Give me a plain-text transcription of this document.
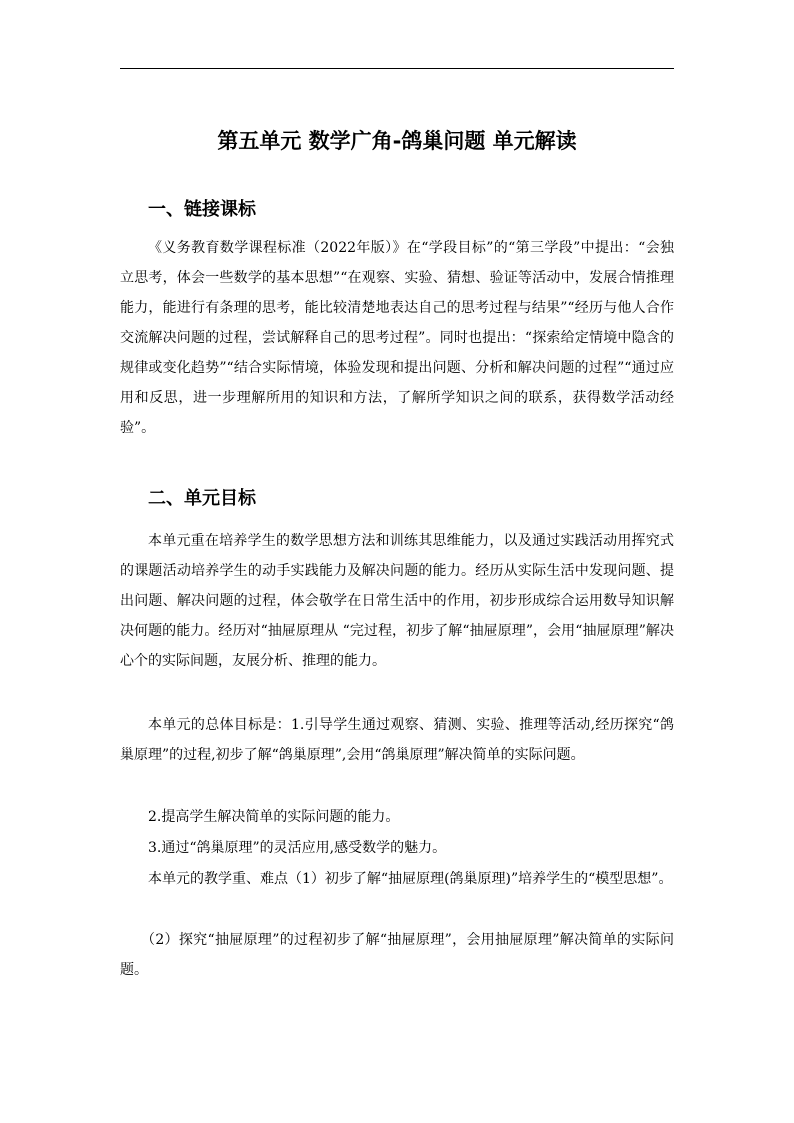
第五单元 数学广角-鸽巢问题 单元解读
一、链接课标
《义务教育数学课程标准（2022年版）》在“学段目标”的“第三学段”中提出：“会独立思考，体会一些数学的基本思想”“在观察、实验、猜想、验证等活动中，发展合情推理能力，能进行有条理的思考，能比较清楚地表达自己的思考过程与结果”“经历与他人合作交流解决问题的过程，尝试解释自己的思考过程”。同时也提出：“探索给定情境中隐含的规律或变化趋势”“结合实际情境，体验发现和提出问题、分析和解决问题的过程”“通过应用和反思，进一步理解所用的知识和方法，了解所学知识之间的联系，获得数学活动经验”。
二、单元目标
本单元重在培养学生的数学思想方法和训练其思维能力，以及通过实践活动用挥究式的课题活动培养学生的动手实践能力及解决问题的能力。经历从实际生活中发现问题、提出问题、解决问题的过程，体会敬学在日常生活中的作用，初步形成综合运用数导知识解决何题的能力。经历对“抽屉原理从 “完过程，初步了解“抽屉原理”，会用“抽屉原理”解决心个的实际间题，友展分析、推理的能力。
本单元的总体目标是：1.引导学生通过观察、猜测、实验、推理等活动,经历探究“鸽巢原理”的过程,初步了解“鸽巢原理”,会用“鸽巢原理”解决简单的实际问题。
2.提高学生解决简单的实际问题的能力。
3.通过“鸽巢原理”的灵活应用,感受数学的魅力。
本单元的教学重、难点（1）初步了解“抽屉原理(鸽巢原理)”培养学生的“模型思想”。
（2）探究“抽屉原理”的过程初步了解“抽屉原理”，会用抽屉原理”解决简单的实际问题。
